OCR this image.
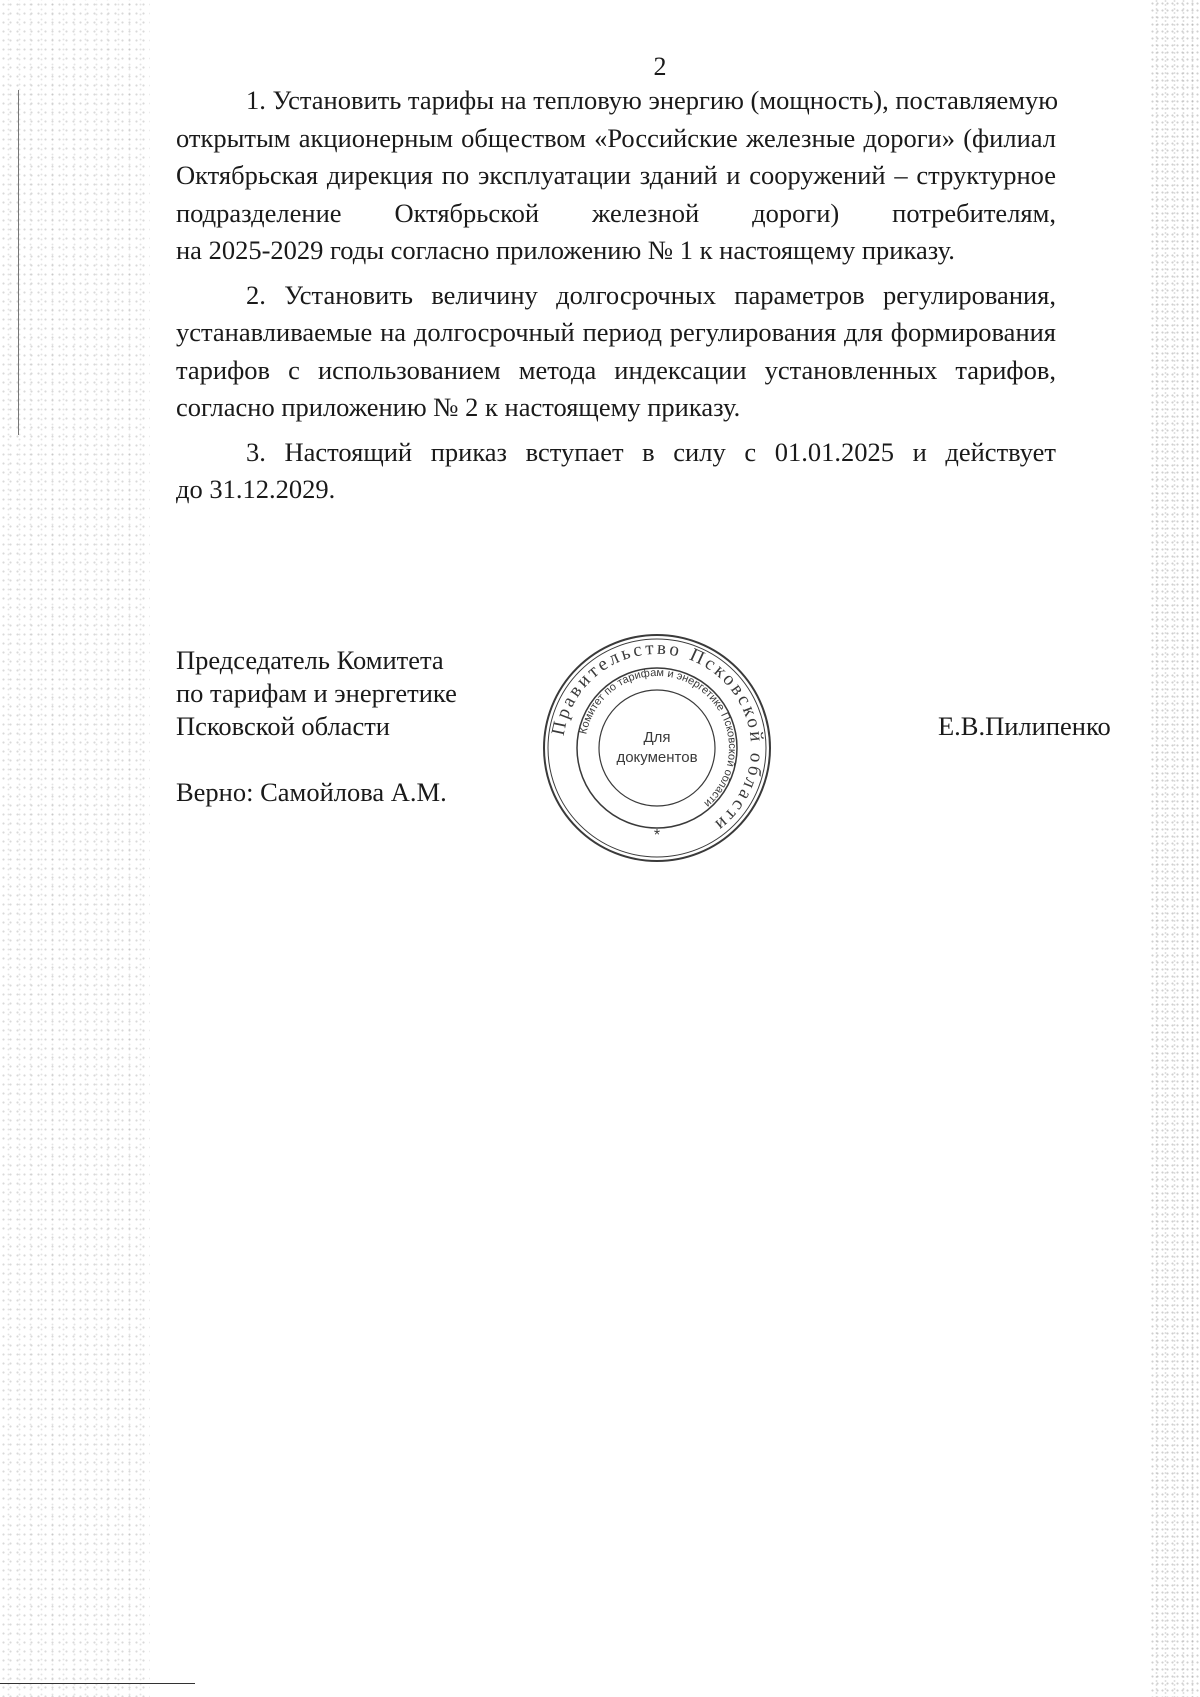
2

1. Установить тарифы на тепловую энергию (мощность), поставляемую
открытым акционерным обществом «Российские железные дороги» (филиал
Октябрьская дирекция по эксплуатации зданий и сооружений – структурное
подразделение Октябрьской железной дороги) потребителям,
на 2025-2029 годы согласно приложению № 1 к настоящему приказу.

2. Установить величину долгосрочных параметров регулирования,
устанавливаемые на долгосрочный период регулирования для формирования
тарифов с использованием метода индексации установленных тарифов,
согласно приложению № 2 к настоящему приказу.

3. Настоящий приказ вступает в силу с 01.01.2025 и действует
до 31.12.2029.

Председатель Комитета
по тарифам и энергетике
Псковской области
Верно: Самойлова А.М.
Е.В.Пилипенко
Правительство Псковской области
Комитет по тарифам и энергетике Псковской области
Для
документов
*
